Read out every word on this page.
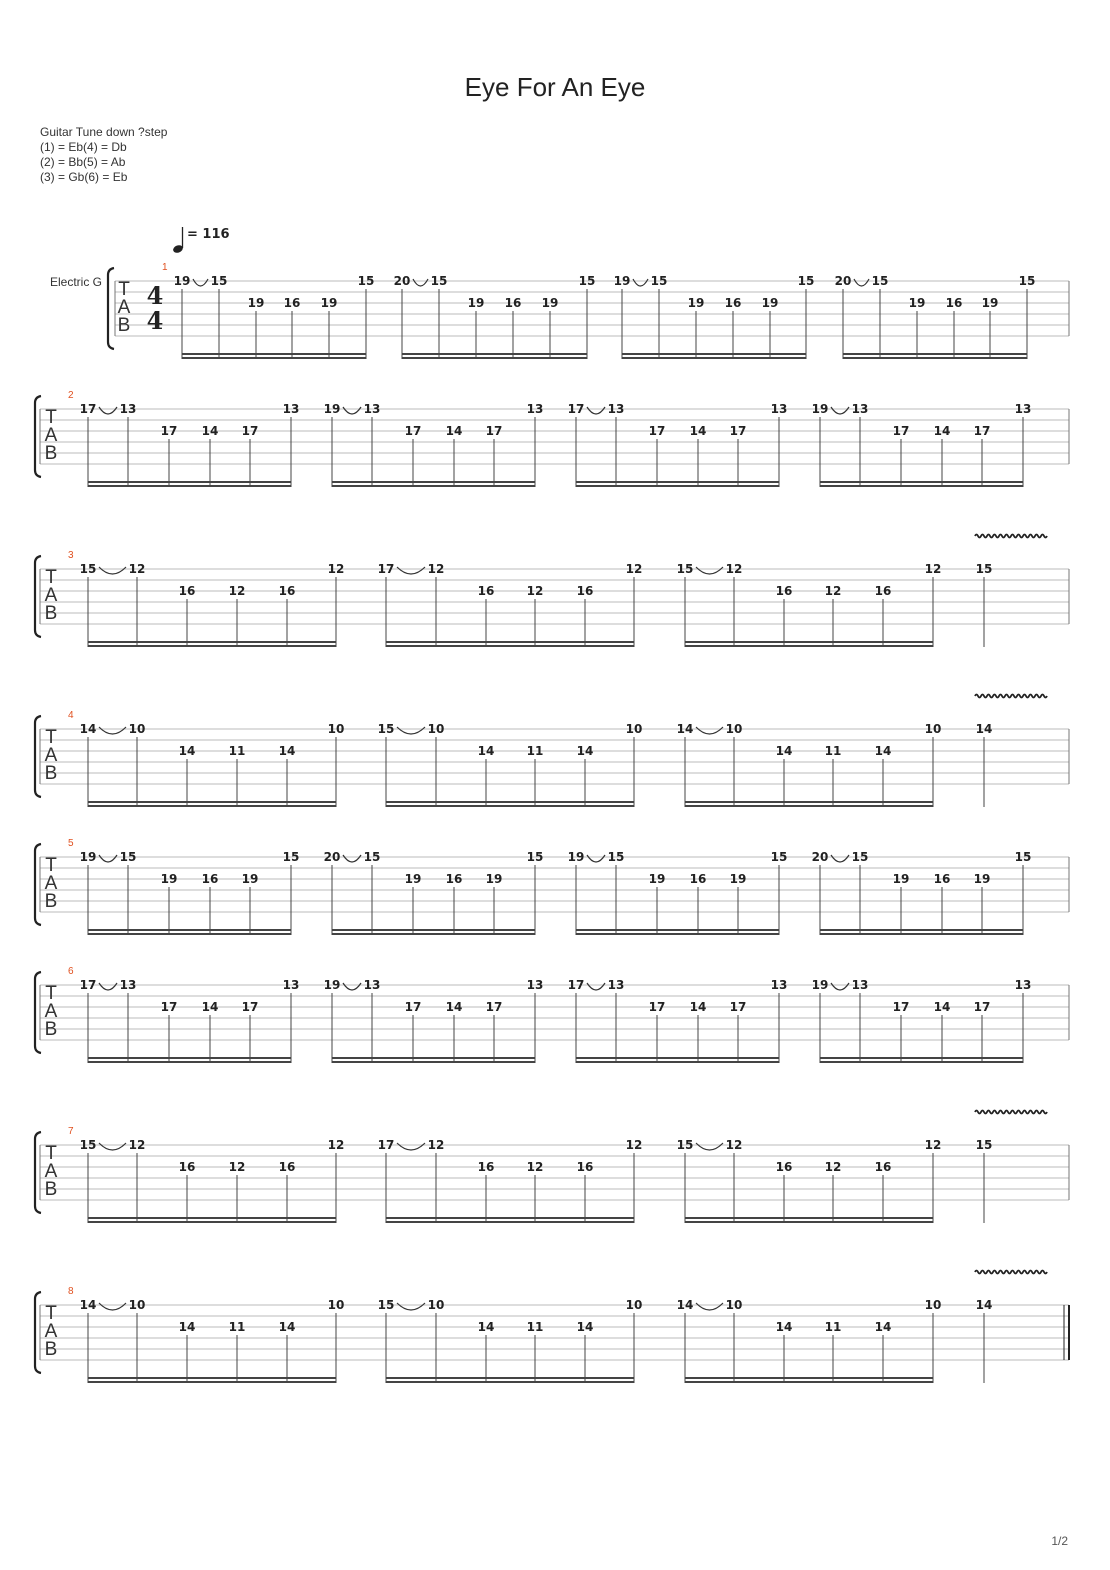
Eye For An Eye
Guitar Tune down ?step
(1) = Eb(4) = Db
(2) = Bb(5) = Ab
(3) = Gb(6) = Eb
T
A
B
1
19 15
19 16 19
15 20 15
19 16 19
15 19 15
19 16 19
15 20 15
19 16 19
15
T
A
B
2
17 13
17 14 17
13 19 13
17 14 17
13 17 13
17 14 17
13 19 13
17 14 17
13
T
A
B
3
15	12
16	12	16
12	17	12
16	12	16
12	15	12
16	12	16
12	15
T
A
B
4
14	10
14	11	14
10	15	10
14	11	14
10	14	10
14	11	14
10	14
T
A
B
5
19 15
19 16 19
15 20 15
19 16 19
15 19 15
19 16 19
15 20 15
19 16 19
15
T
A
B
6
17 13
17 14 17
13 19 13
17 14 17
13 17 13
17 14 17
13 19 13
17 14 17
13
T
A
B
7
15	12
16	12	16
12	17	12
16	12	16
12	15	12
16	12	16
12	15
T
A
B
8
14	10
14	11	14
10	15	10
14	11	14
10	14	10
14	11	14
10	14
Electric G 4
4
= 116
1/2
